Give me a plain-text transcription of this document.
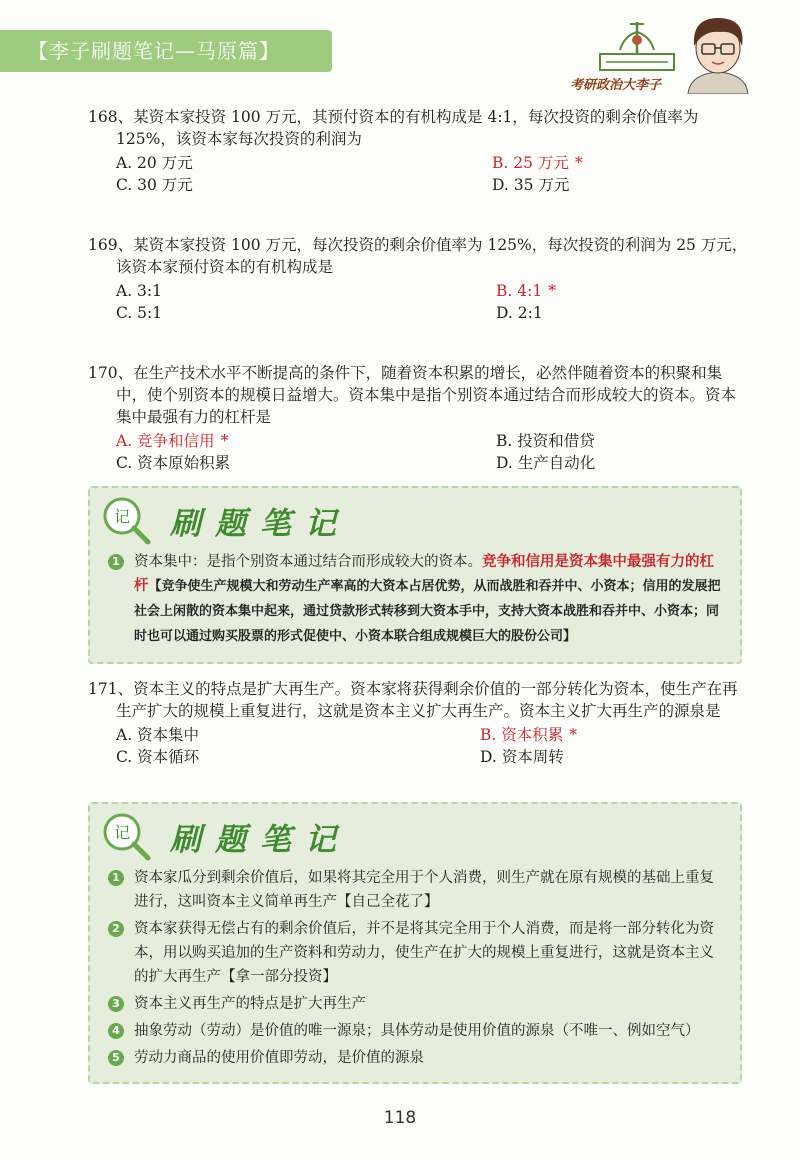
【李子刷题笔记—马原篇】
考研政治大李子
168、某资本家投资 100 万元，其预付资本的有机构成是 4:1，每次投资的剩余价值率为 125%，该资本家每次投资的利润为
A. 20 万元	B. 25 万元 *
C. 30 万元	D. 35 万元
169、某资本家投资 100 万元，每次投资的剩余价值率为 125%，每次投资的利润为 25 万元，该资本家预付资本的有机构成是
A. 3:1	B. 4:1 *
C. 5:1	D. 2:1
170、在生产技术水平不断提高的条件下，随着资本积累的增长，必然伴随着资本的积聚和集中，使个别资本的规模日益增大。资本集中是指个别资本通过结合而形成较大的资本。资本集中最强有力的杠杆是
A. 竞争和信用 *	B. 投资和借贷
C. 资本原始积累	D. 生产自动化
记 刷题笔记
1 资本集中：是指个别资本通过结合而形成较大的资本。竞争和信用是资本集中最强有力的杠杆【竞争使生产规模大和劳动生产率高的大资本占居优势，从而战胜和吞并中、小资本；信用的发展把社会上闲散的资本集中起来，通过贷款形式转移到大资本手中，支持大资本战胜和吞并中、小资本；同时也可以通过购买股票的形式促使中、小资本联合组成规模巨大的股份公司】
171、资本主义的特点是扩大再生产。资本家将获得剩余价值的一部分转化为资本，使生产在再生产扩大的规模上重复进行，这就是资本主义扩大再生产。资本主义扩大再生产的源泉是
A. 资本集中	B. 资本积累 *
C. 资本循环	D. 资本周转
记 刷题笔记
1 资本家瓜分到剩余价值后，如果将其完全用于个人消费，则生产就在原有规模的基础上重复进行，这叫资本主义简单再生产【自己全花了】
2 资本家获得无偿占有的剩余价值后，并不是将其完全用于个人消费，而是将一部分转化为资本，用以购买追加的生产资料和劳动力，使生产在扩大的规模上重复进行，这就是资本主义的扩大再生产【拿一部分投资】
3 资本主义再生产的特点是扩大再生产
4 抽象劳动（劳动）是价值的唯一源泉；具体劳动是使用价值的源泉（不唯一、例如空气）
5 劳动力商品的使用价值即劳动，是价值的源泉
118
